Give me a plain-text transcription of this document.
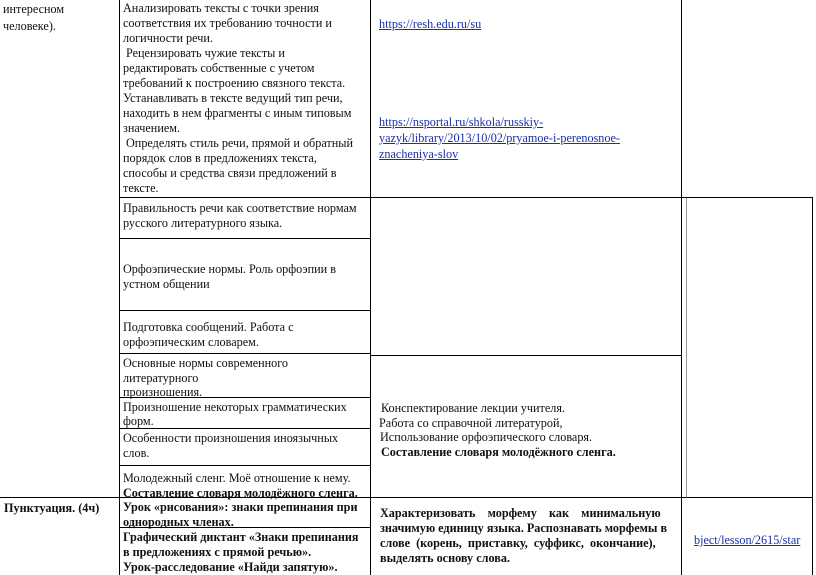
интересном
человеке).
Пунктуация. (4ч)
Анализировать тексты с точки зрения
соответствия их требованию точности и
логичности речи.
Рецензировать чужие тексты и
редактировать собственные с учетом
требований к построению связного текста.
Устанавливать в тексте ведущий тип речи,
находить в нем фрагменты с иным типовым
значением.
Определять стиль речи, прямой и обратный
порядок слов в предложениях текста,
способы и средства связи предложений в
тексте.
Правильность речи как соответствие нормам
русского литературного языка.
Орфоэпические нормы. Роль орфоэпии в
устном общении
Подготовка сообщений. Работа с
орфоэпическим словарем.
Основные нормы современного
литературного
произношения.
Произношение некоторых грамматических
форм.
Особенности произношения иноязычных
слов.
Молодежный сленг. Моё отношение к нему.
Составление словаря молодёжного сленга.
Урок «рисования»: знаки препинания при
однородных членах.
Графический диктант «Знаки препинания
в предложениях с прямой речью».
Урок-расследование «Найди запятую».
https://resh.edu.ru/su
https://nsportal.ru/shkola/russkiy-
yazyk/library/2013/10/02/pryamoe-i-perenosnoe-
znacheniya-slov
Конспектирование лекции учителя.
Работа со справочной литературой,
Использование орфоэпического словаря.
Составление словаря молодёжного сленга.
Характеризовать    морфему    как    минимальную
значимую единицу языка. Распознавать морфемы в
слове  (корень,  приставку,  суффикс,  окончание),
выделять основу слова.
bject/lesson/2615/star
